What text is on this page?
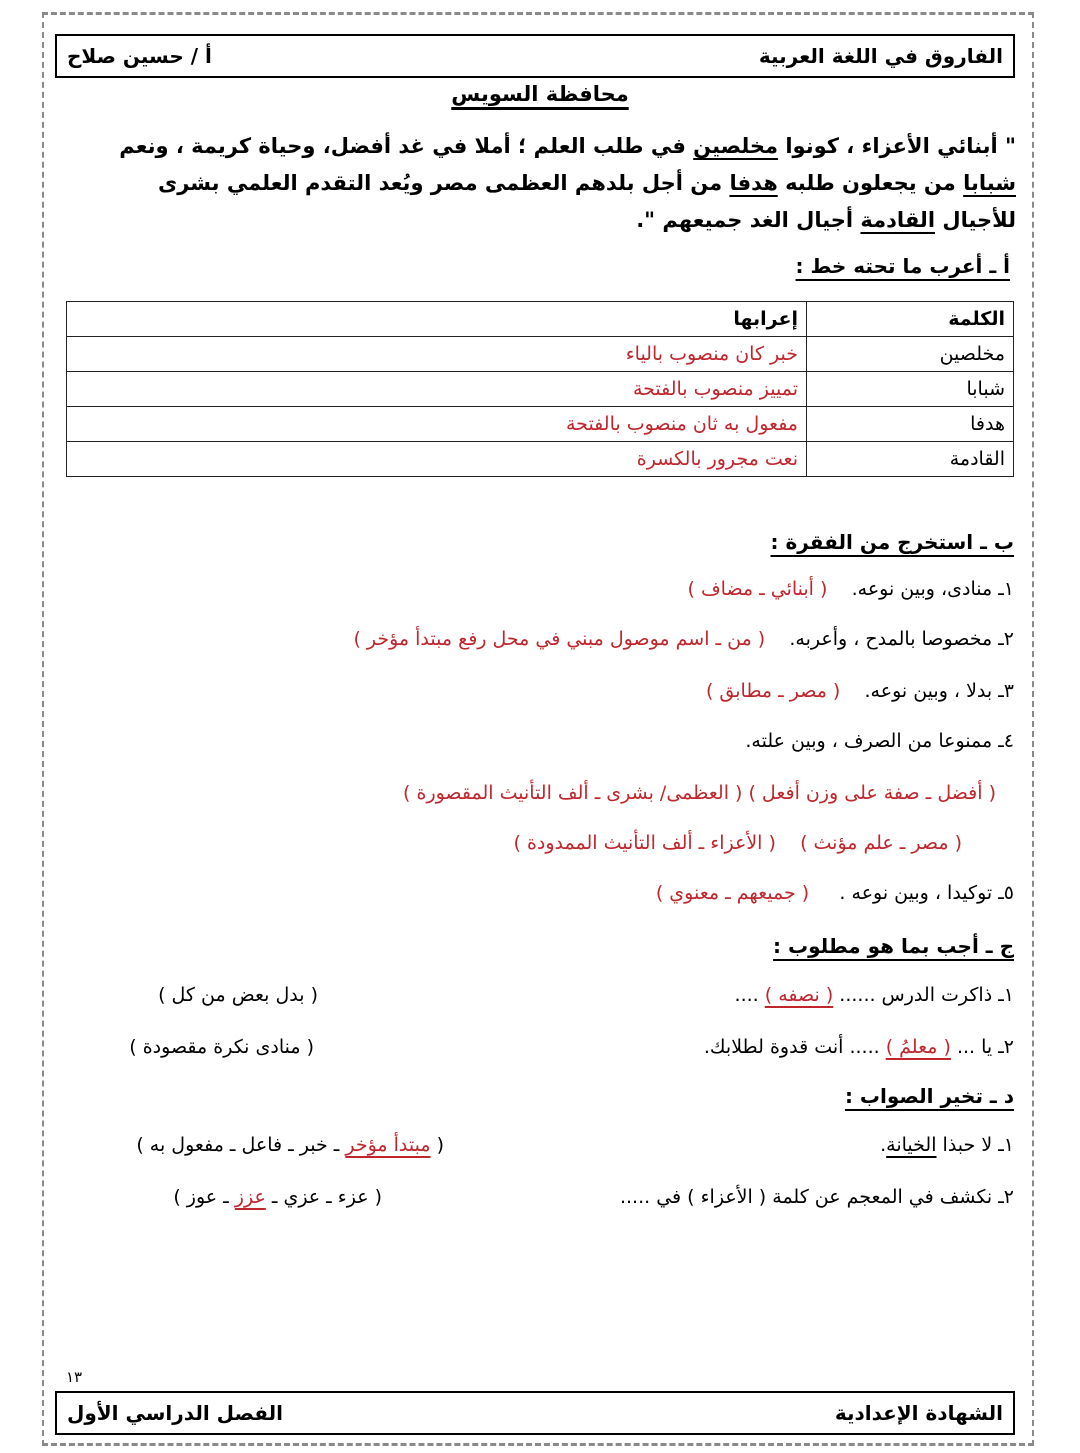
الفاروق في اللغة العربية
أ / حسين صلاح
محافظة السويس
" أبنائي الأعزاء ، كونوا مخلصين في طلب العلم ؛ أملا في غد أفضل، وحياة كريمة ، ونعم شبابا من يجعلون طلبه هدفا من أجل بلدهم العظمى مصر ويُعد التقدم العلمي بشرى للأجيال القادمة أجيال الغد جميعهم ".
أ ـ أعرب ما تحته خط :
الكلمة	إعرابها
مخلصين	خبر كان منصوب بالياء
شبابا	تمييز منصوب بالفتحة
هدفا	مفعول به ثان منصوب بالفتحة
القادمة	نعت مجرور بالكسرة
ب ـ استخرج من الفقرة :
١ـ منادى، وبين نوعه.    ( أبنائي ـ مضاف )
٢ـ مخصوصا بالمدح ، وأعربه.    ( من ـ اسم موصول مبني في محل رفع مبتدأ مؤخر )
٣ـ بدلا ، وبين نوعه.    ( مصر ـ مطابق )
٤ـ ممنوعا من الصرف ، وبين علته.
( أفضل ـ صفة على وزن أفعل ) ( العظمى/ بشرى ـ ألف التأنيث المقصورة )
( مصر ـ علم مؤنث )    ( الأعزاء ـ ألف التأنيث الممدودة )
٥ـ توكيدا ، وبين نوعه .     ( جميعهم ـ معنوي )
ج ـ أجب بما هو مطلوب :
١ـ ذاكرت الدرس ...... ( نصفه ) ....
( بدل بعض من كل )
٢ـ يا ... ( معلمُ ) ..... أنت قدوة لطلابك.
( منادى نكرة مقصودة )
د ـ تخير الصواب :
١ـ لا حبذا الخيانة.
( مبتدأ مؤخر ـ خبر ـ فاعل ـ مفعول به )
٢ـ نكشف في المعجم عن كلمة ( الأعزاء ) في .....
( عزء ـ عزي ـ عزز ـ عوز )
١٣
الشهادة الإعدادية
الفصل الدراسي الأول
